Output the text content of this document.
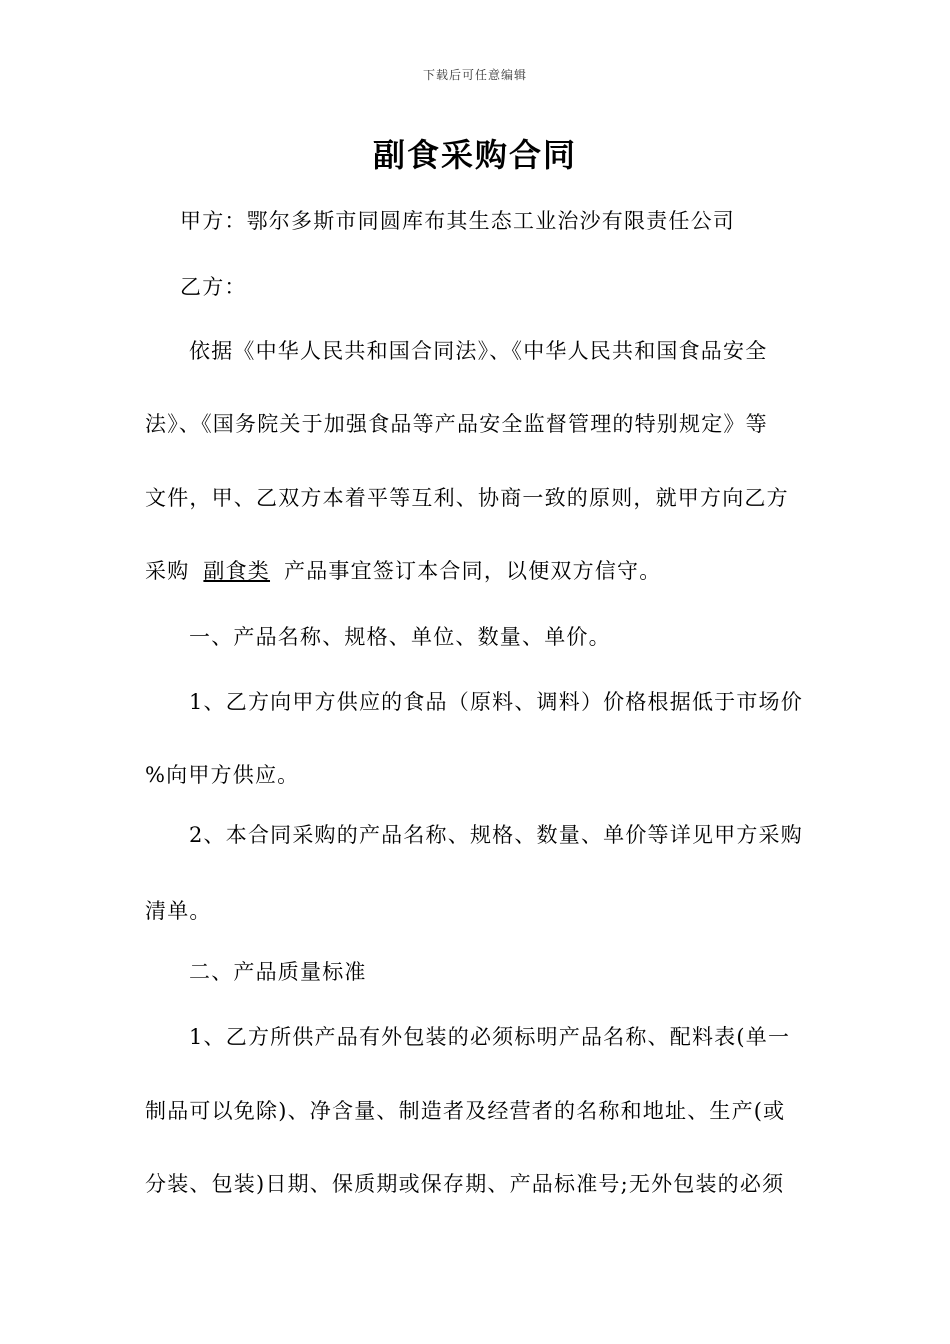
下载后可任意编辑
副食采购合同
甲方：鄂尔多斯市同圆库布其生态工业治沙有限责任公司
乙方：
依据《中华人民共和国合同法》、《中华人民共和国食品安全
法》、《国务院关于加强食品等产品安全监督管理的特别规定》等
文件，甲、乙双方本着平等互利、协商一致的原则，就甲方向乙方
采购 副食类 产品事宜签订本合同，以便双方信守。
一、产品名称、规格、单位、数量、单价。
1、乙方向甲方供应的食品（原料、调料）价格根据低于市场价
%向甲方供应。
2、本合同采购的产品名称、规格、数量、单价等详见甲方采购
清单。
二、产品质量标准
1、乙方所供产品有外包装的必须标明产品名称、配料表(单一
制品可以免除)、净含量、制造者及经营者的名称和地址、生产(或
分装、包装)日期、保质期或保存期、产品标准号;无外包装的必须
